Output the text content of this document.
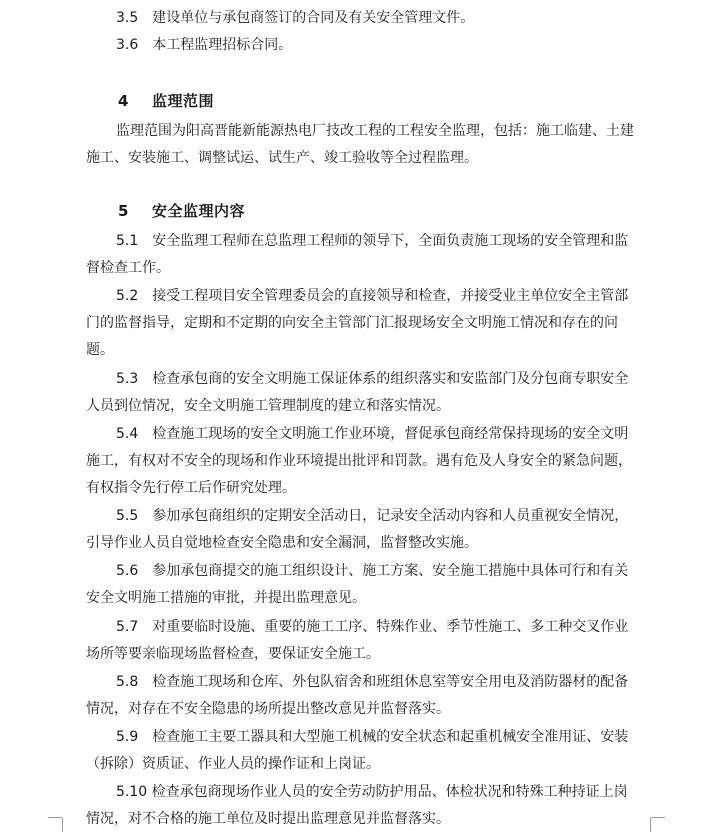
3.5　建设单位与承包商签订的合同及有关安全管理文件。
3.6　本工程监理招标合同。
4 监理范围
监理范围为阳高晋能新能源热电厂技改工程的工程安全监理，包括：施工临建、土建
施工、安装施工、调整试运、试生产、竣工验收等全过程监理。
5 安全监理内容
5.1　安全监理工程师在总监理工程师的领导下，全面负责施工现场的安全管理和监
督检查工作。
5.2　接受工程项目安全管理委员会的直接领导和检查，并接受业主单位安全主管部
门的监督指导，定期和不定期的向安全主管部门汇报现场安全文明施工情况和存在的问
题。
5.3　检查承包商的安全文明施工保证体系的组织落实和安监部门及分包商专职安全
人员到位情况，安全文明施工管理制度的建立和落实情况。
5.4　检查施工现场的安全文明施工作业环境，督促承包商经常保持现场的安全文明
施工，有权对不安全的现场和作业环境提出批评和罚款。遇有危及人身安全的紧急问题，
有权指令先行停工后作研究处理。
5.5　参加承包商组织的定期安全活动日，记录安全活动内容和人员重视安全情况，
引导作业人员自觉地检查安全隐患和安全漏洞，监督整改实施。
5.6　参加承包商提交的施工组织设计、施工方案、安全施工措施中具体可行和有关
安全文明施工措施的审批，并提出监理意见。
5.7　对重要临时设施、重要的施工工序、特殊作业、季节性施工、多工种交叉作业
场所等要亲临现场监督检查，要保证安全施工。
5.8　检查施工现场和仓库、外包队宿舍和班组休息室等安全用电及消防器材的配备
情况，对存在不安全隐患的场所提出整改意见并监督落实。
5.9　检查施工主要工器具和大型施工机械的安全状态和起重机械安全准用证、安装
（拆除）资质证、作业人员的操作证和上岗证。
5.10 检查承包商现场作业人员的安全劳动防护用品、体检状况和特殊工种持证上岗
情况，对不合格的施工单位及时提出监理意见并监督落实。
